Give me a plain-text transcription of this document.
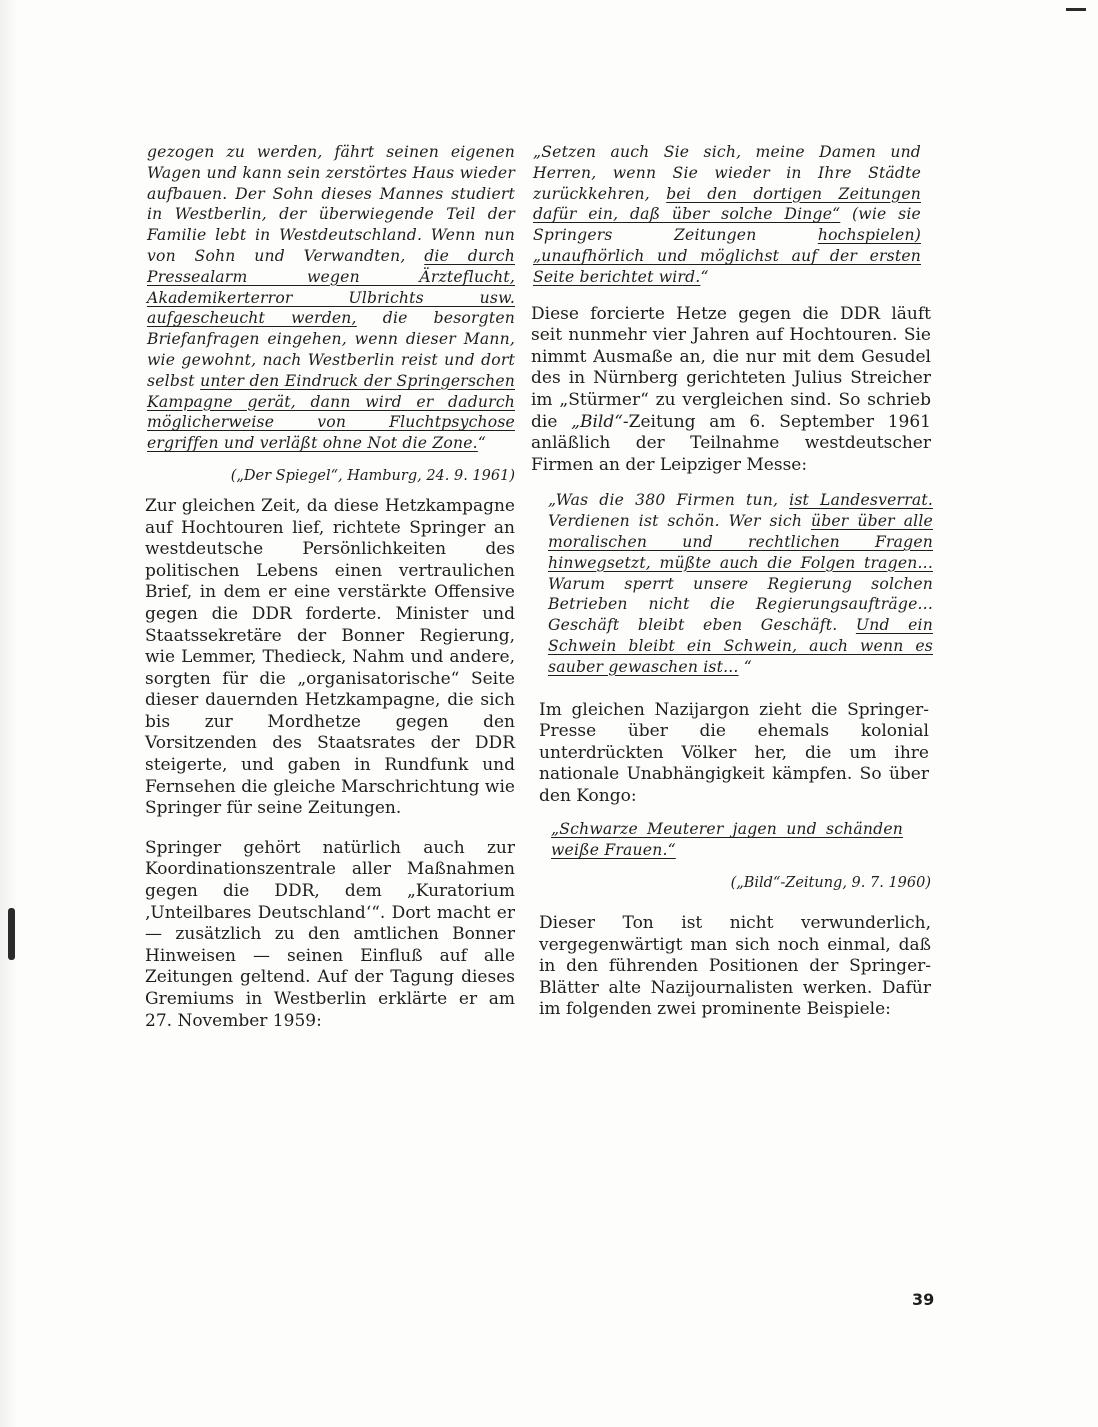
gezogen zu werden, fährt seinen eigenen Wagen und kann sein zerstörtes Haus wieder aufbauen. Der Sohn dieses Mannes studiert in Westberlin, der überwiegende Teil der Familie lebt in Westdeutschland. Wenn nun von Sohn und Verwandten, die durch Pressealarm wegen Ärzteflucht, Akademikerterror Ulbrichts usw. aufgescheucht werden, die besorgten Briefanfragen eingehen, wenn dieser Mann, wie gewohnt, nach Westberlin reist und dort selbst unter den Eindruck der Springerschen Kampagne gerät, dann wird er dadurch möglicherweise von Fluchtpsychose ergriffen und verläßt ohne Not die Zone.“

(„Der Spiegel“, Hamburg, 24. 9. 1961)

Zur gleichen Zeit, da diese Hetzkampagne auf Hochtouren lief, richtete Springer an westdeutsche Persönlichkeiten des politischen Lebens einen vertraulichen Brief, in dem er eine verstärkte Offensive gegen die DDR forderte. Minister und Staatssekretäre der Bonner Regierung, wie Lemmer, Thedieck, Nahm und andere, sorgten für die „organisatorische“ Seite dieser dauernden Hetzkampagne, die sich bis zur Mordhetze gegen den Vorsitzenden des Staatsrates der DDR steigerte, und gaben in Rundfunk und Fernsehen die gleiche Marschrichtung wie Springer für seine Zeitungen.

Springer gehört natürlich auch zur Koordinationszentrale aller Maßnahmen gegen die DDR, dem „Kuratorium ‚Unteilbares Deutschland‘“. Dort macht er — zusätzlich zu den amtlichen Bonner Hinweisen — seinen Einfluß auf alle Zeitungen geltend. Auf der Tagung dieses Gremiums in Westberlin erklärte er am 27. November 1959:

„Setzen auch Sie sich, meine Damen und Herren, wenn Sie wieder in Ihre Städte zurückkehren, bei den dortigen Zeitungen dafür ein, daß über solche Dinge“ (wie sie Springers Zeitungen hochspielen) „unaufhörlich und möglichst auf der ersten Seite berichtet wird.“

Diese forcierte Hetze gegen die DDR läuft seit nunmehr vier Jahren auf Hochtouren. Sie nimmt Ausmaße an, die nur mit dem Gesudel des in Nürnberg gerichteten Julius Streicher im „Stürmer“ zu vergleichen sind. So schrieb die „Bild“-Zeitung am 6. September 1961 anläßlich der Teilnahme westdeutscher Firmen an der Leipziger Messe:

„Was die 380 Firmen tun, ist Landesverrat. Verdienen ist schön. Wer sich über über alle moralischen und rechtlichen Fragen hinwegsetzt, müßte auch die Folgen tragen... Warum sperrt unsere Regierung solchen Betrieben nicht die Regierungsaufträge... Geschäft bleibt eben Geschäft. Und ein Schwein bleibt ein Schwein, auch wenn es sauber gewaschen ist... “

Im gleichen Nazijargon zieht die Springer-Presse über die ehemals kolonial unterdrückten Völker her, die um ihre nationale Unabhängigkeit kämpfen. So über den Kongo:

„Schwarze Meuterer jagen und schänden weiße Frauen.“

(„Bild“-Zeitung, 9. 7. 1960)

Dieser Ton ist nicht verwunderlich, vergegenwärtigt man sich noch einmal, daß in den führenden Positionen der Springer-Blätter alte Nazijournalisten werken. Dafür im folgenden zwei prominente Beispiele:

39
